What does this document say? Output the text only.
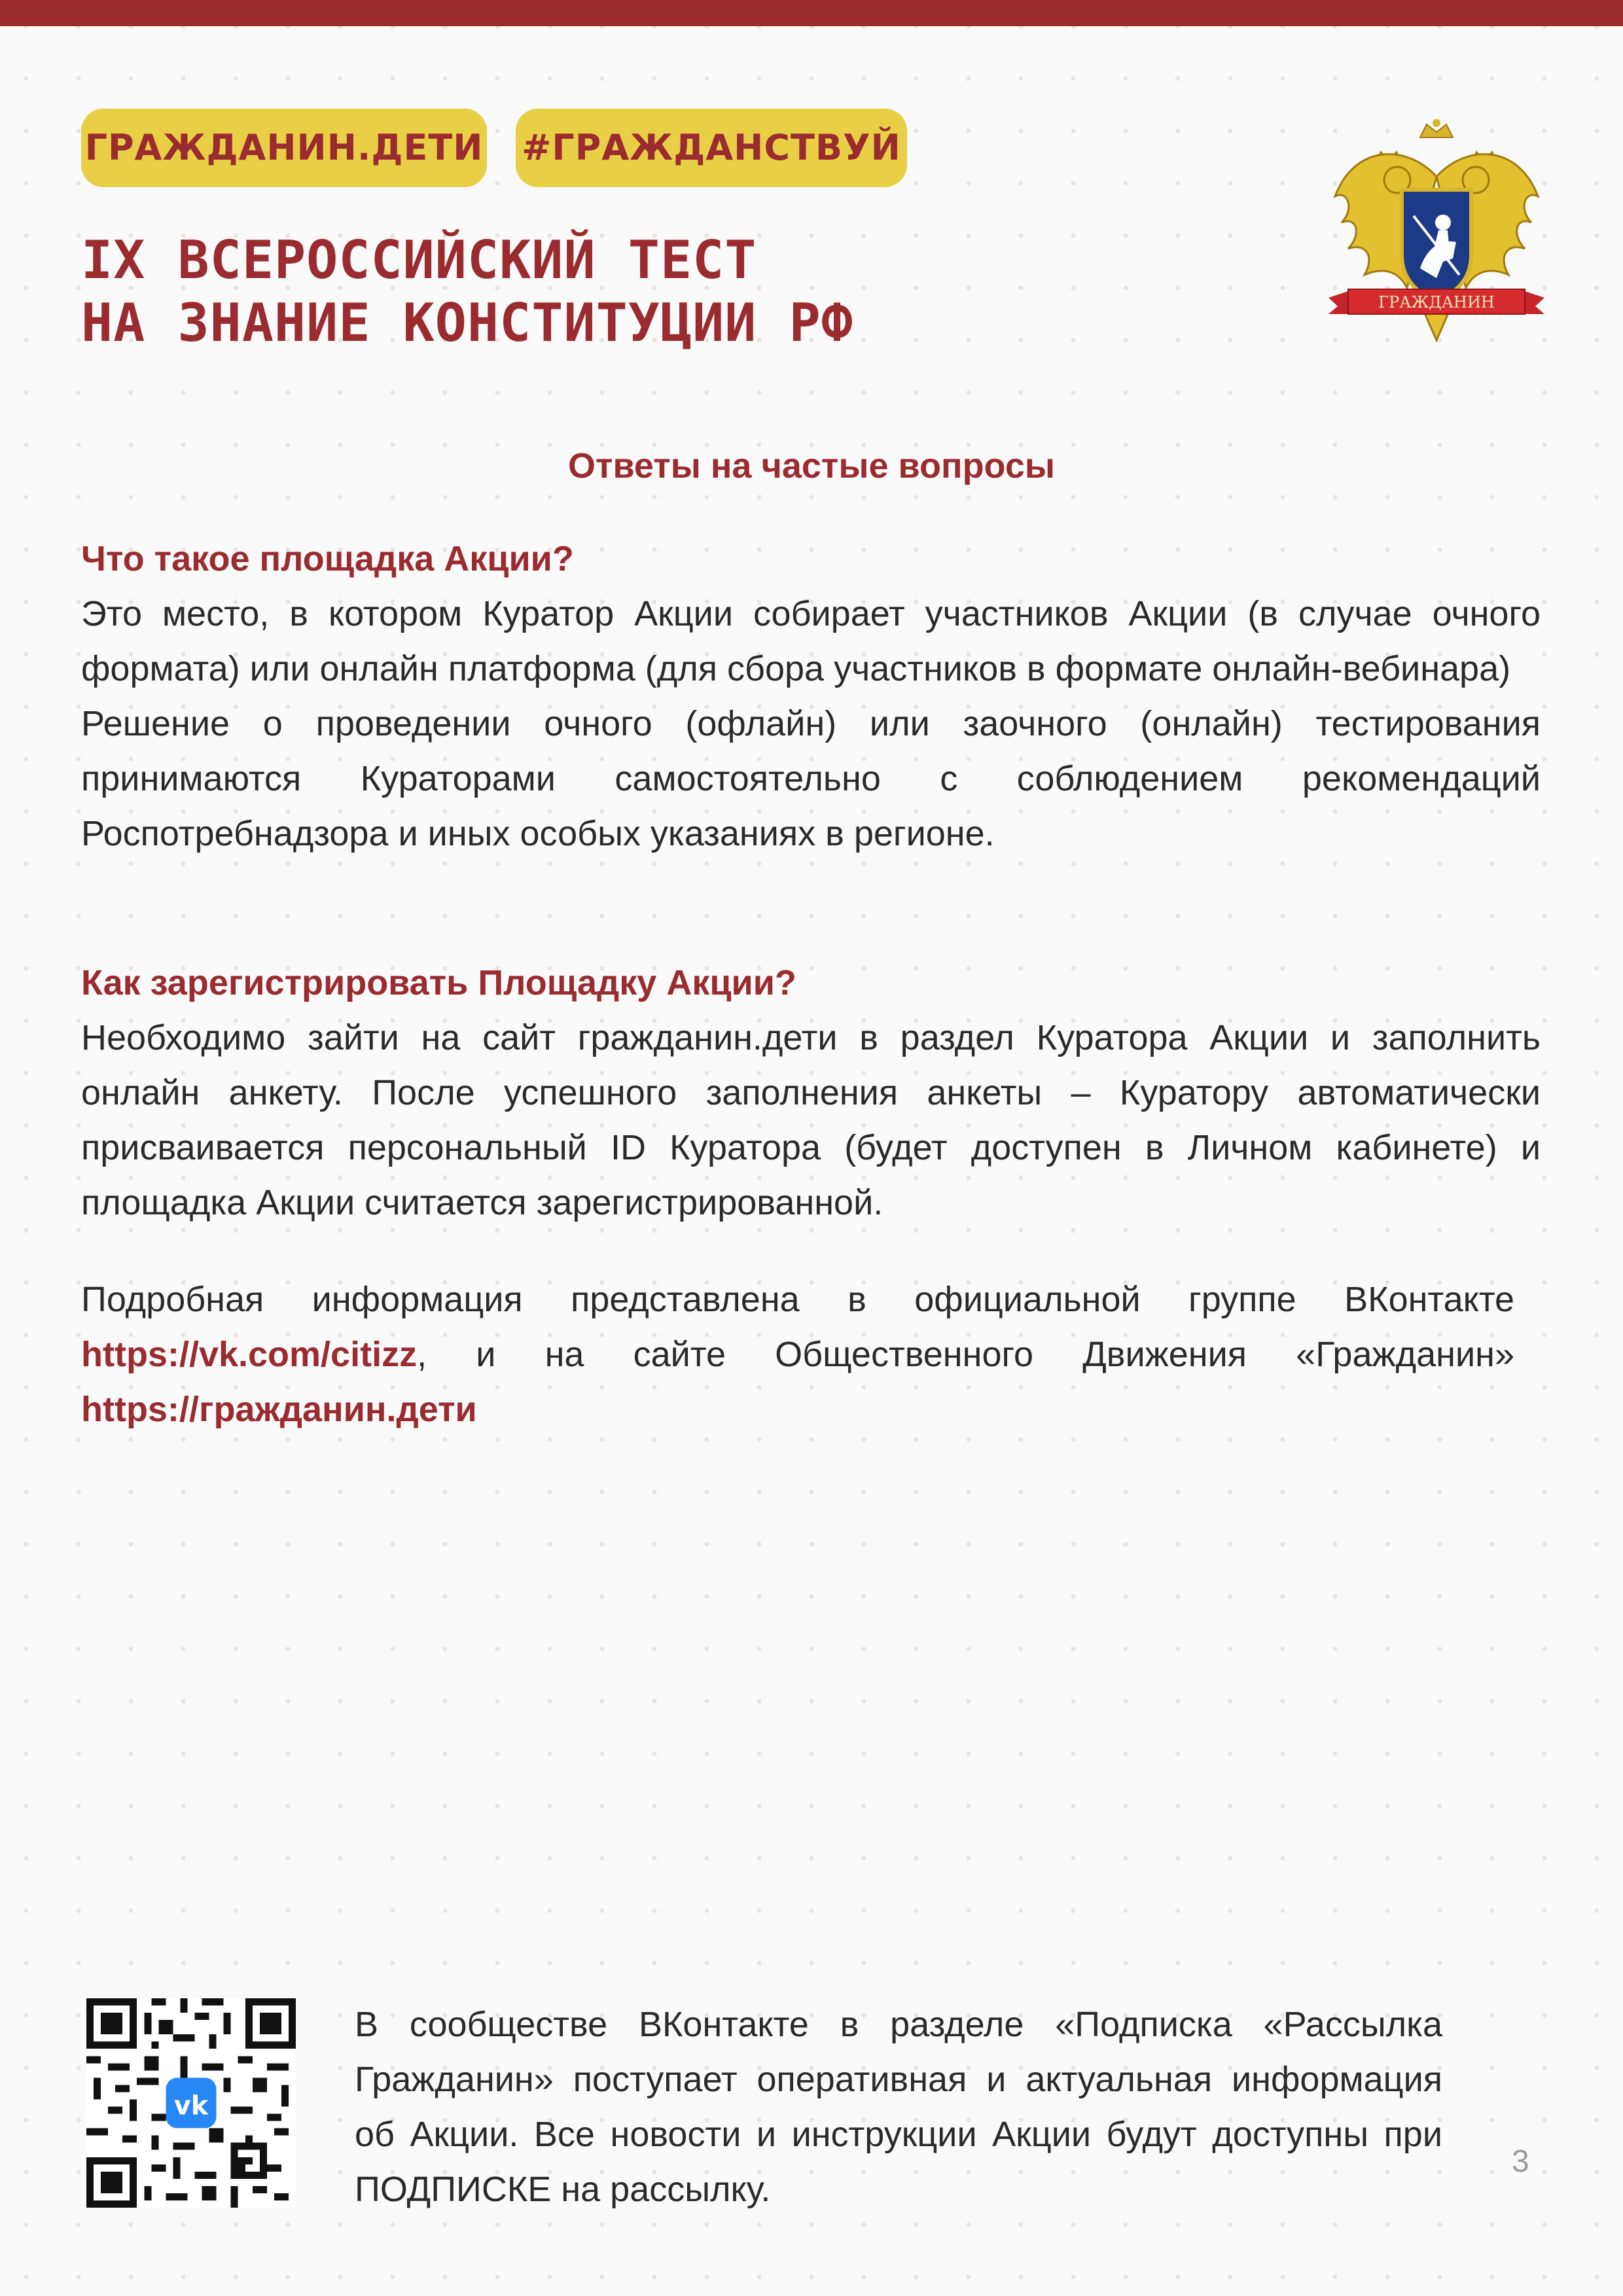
ГРАЖДАНИН.ДЕТИ #ГРАЖДАНСТВУЙ
IX ВСЕРОССИЙСКИЙ ТЕСТ
НА ЗНАНИЕ КОНСТИТУЦИИ РФ	ГРАЖДАНИН
Ответы на частые вопросы

Что такое площадка Акции?

Это место, в котором Куратор Акции собирает участников Акции (в случае очного формата) или онлайн платформа (для сбора участников в формате онлайн-вебинара)

Решение о проведении очного (офлайн) или заочного (онлайн) тестирования принимаются Кураторами самостоятельно с соблюдением рекомендаций Роспотребнадзора и иных особых указаниях в регионе.

Как зарегистрировать Площадку Акции?

Необходимо зайти на сайт гражданин.дети в раздел Куратора Акции и заполнить онлайн анкету. После успешного заполнения анкеты – Куратору автоматически присваивается персональный ID Куратора (будет доступен в Личном кабинете) и площадка Акции считается зарегистрированной.

Подробная информация представлена в официальной группе ВКонтакте

https://vk.com/citizz, и на сайте Общественного Движения «Гражданин»

https://гражданин.дети

vk

В сообществе ВКонтакте в разделе «Подписка «Рассылка Гражданин» поступает оперативная и актуальная информация об Акции. Все новости и инструкции Акции будут доступны при ПОДПИСКЕ на рассылку.

3
